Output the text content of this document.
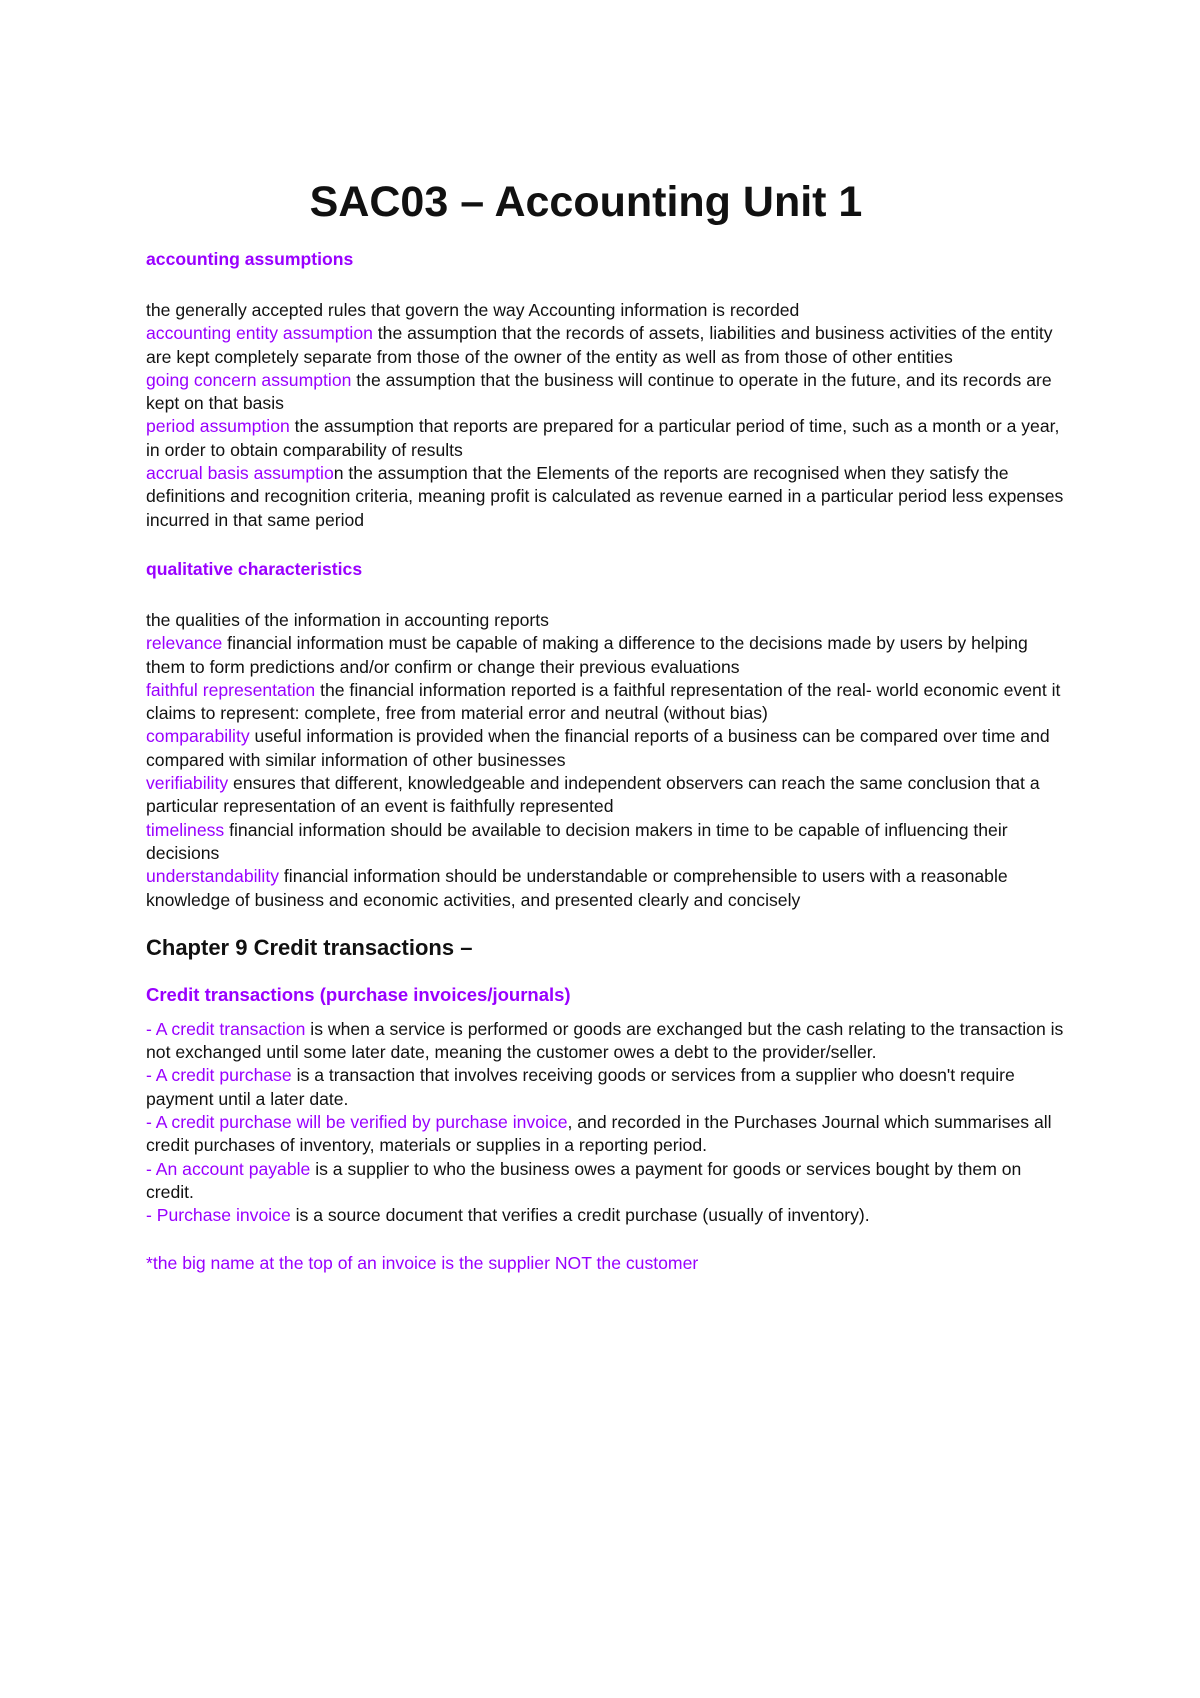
SAC03 – Accounting Unit 1
accounting assumptions

the generally accepted rules that govern the way Accounting information is recorded

accounting entity assumption the assumption that the records of assets, liabilities and business activities of the entity are kept completely separate from those of the owner of the entity as well as from those of other entities

going concern assumption the assumption that the business will continue to operate in the future, and its records are kept on that basis

period assumption the assumption that reports are prepared for a particular period of time, such as a month or a year, in order to obtain comparability of results

accrual basis assumption the assumption that the Elements of the reports are recognised when they satisfy the definitions and recognition criteria, meaning profit is calculated as revenue earned in a particular period less expenses incurred in that same period

qualitative characteristics

the qualities of the information in accounting reports

relevance financial information must be capable of making a difference to the decisions made by users by helping them to form predictions and/or confirm or change their previous evaluations

faithful representation the financial information reported is a faithful representation of the real- world economic event it claims to represent: complete, free from material error and neutral (without bias)

comparability useful information is provided when the financial reports of a business can be compared over time and compared with similar information of other businesses

verifiability ensures that different, knowledgeable and independent observers can reach the same conclusion that a particular representation of an event is faithfully represented

timeliness financial information should be available to decision makers in time to be capable of influencing their decisions

understandability financial information should be understandable or comprehensible to users with a reasonable knowledge of business and economic activities, and presented clearly and concisely

Chapter 9 Credit transactions –
Credit transactions (purchase invoices/journals)

- A credit transaction is when a service is performed or goods are exchanged but the cash relating to the transaction is not exchanged until some later date, meaning the customer owes a debt to the provider/seller.

- A credit purchase is a transaction that involves receiving goods or services from a supplier who doesn't require payment until a later date.

- A credit purchase will be verified by purchase invoice, and recorded in the Purchases Journal which summarises all credit purchases of inventory, materials or supplies in a reporting period.

- An account payable is a supplier to who the business owes a payment for goods or services bought by them on credit.

- Purchase invoice is a source document that verifies a credit purchase (usually of inventory).

*the big name at the top of an invoice is the supplier NOT the customer
